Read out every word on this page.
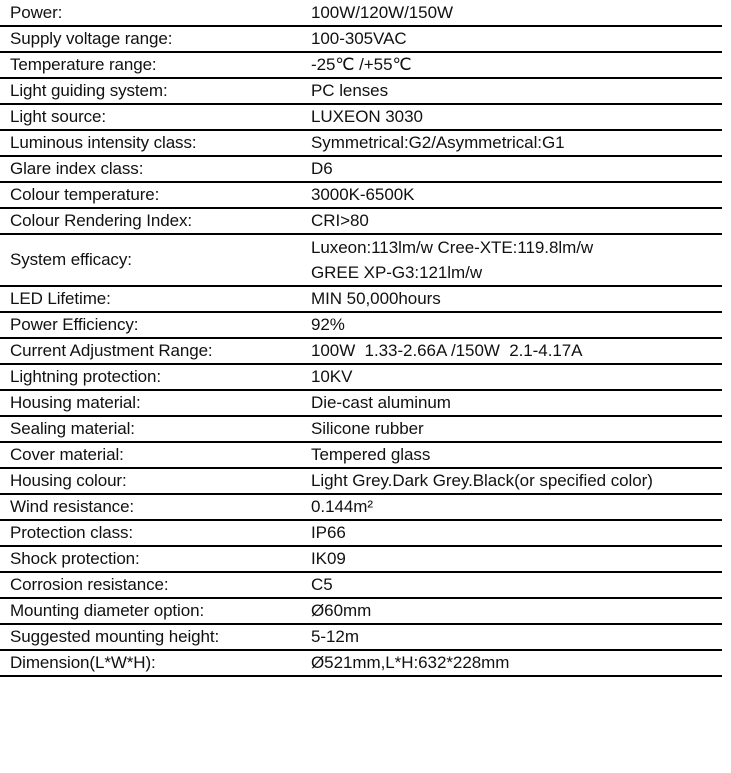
Power:	100W/120W/150W
Supply voltage range:	100-305VAC
Temperature range:	-25℃ /+55℃
Light guiding system:	PC lenses
Light source:	LUXEON 3030
Luminous intensity class:	Symmetrical:G2/Asymmetrical:G1
Glare index class:	D6
Colour temperature:	3000K-6500K
Colour Rendering Index:	CRI>80
System efficacy:	Luxeon:113lm/w Cree-XTE:119.8lm/w
GREE XP-G3:121lm/w

LED Lifetime:	MIN 50,000hours
Power Efficiency:	92%
Current Adjustment Range:	100W  1.33-2.66A /150W  2.1-4.17A
Lightning protection:	10KV
Housing material:	Die-cast aluminum
Sealing material:	Silicone rubber
Cover material:	Tempered glass
Housing colour:	Light Grey.Dark Grey.Black(or specified color)
Wind resistance:	0.144m²
Protection class:	IP66
Shock protection:	IK09
Corrosion resistance:	C5
Mounting diameter option:	Ø60mm
Suggested mounting height:	5-12m
Dimension(L*W*H):	Ø521mm,L*H:632*228mm
